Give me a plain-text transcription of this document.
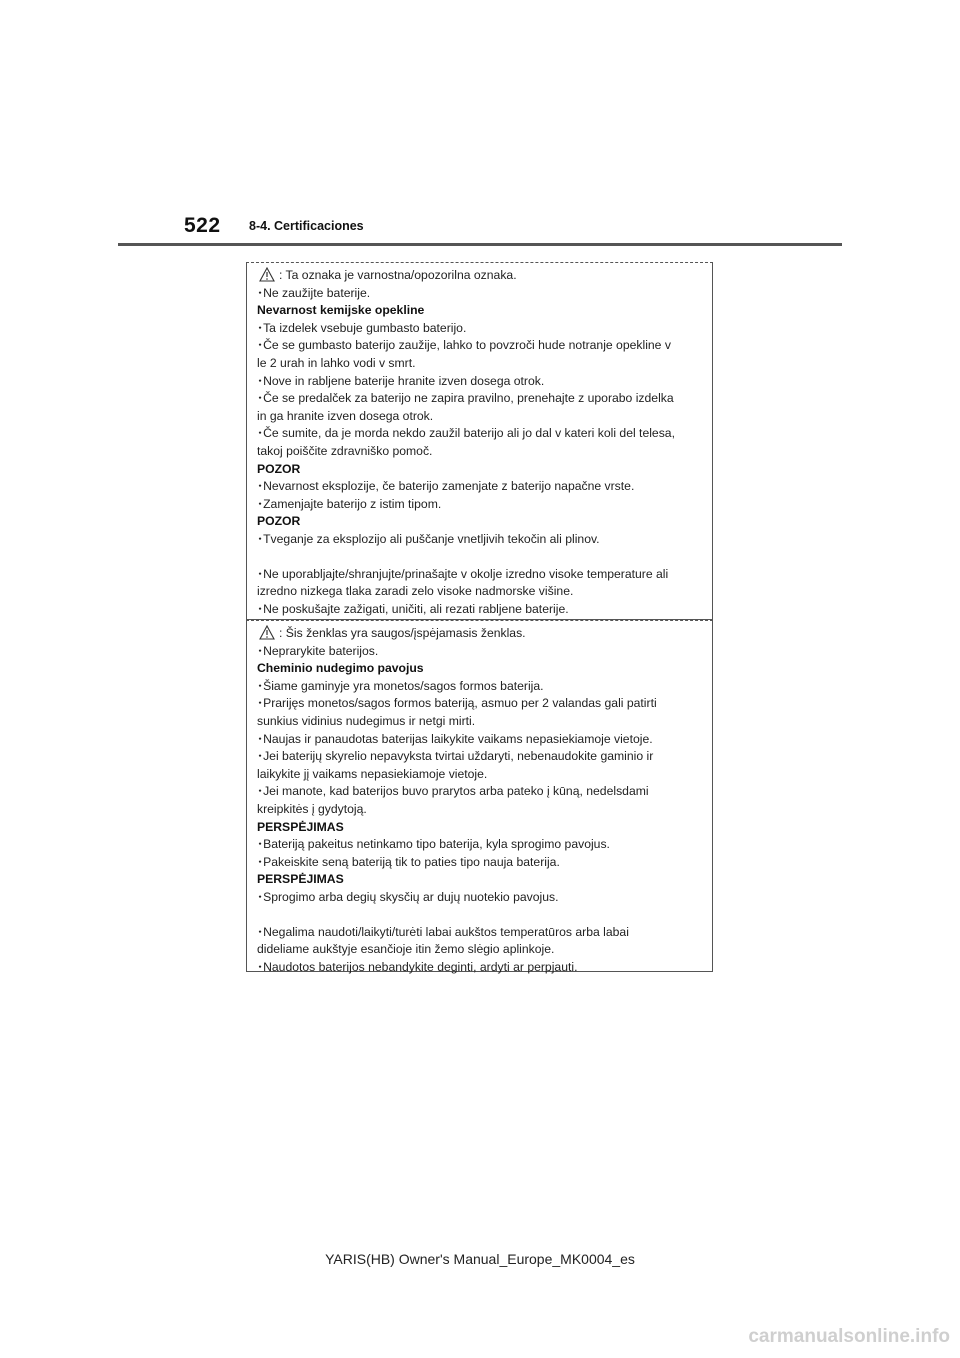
522 8-4. Certificaciones
: Ta oznaka je varnostna/opozorilna oznaka.
･Ne zaužijte baterije.
Nevarnost kemijske opekline
･Ta izdelek vsebuje gumbasto baterijo.
･Če se gumbasto baterijo zaužije, lahko to povzroči hude notranje opekline v
le 2 urah in lahko vodi v smrt.
･Nove in rabljene baterije hranite izven dosega otrok.
･Če se predalček za baterijo ne zapira pravilno, prenehajte z uporabo izdelka
in ga hranite izven dosega otrok.
･Če sumite, da je morda nekdo zaužil baterijo ali jo dal v kateri koli del telesa,
takoj poiščite zdravniško pomoč.
POZOR
･Nevarnost eksplozije, če baterijo zamenjate z baterijo napačne vrste.
･Zamenjajte baterijo z istim tipom.
POZOR
･Tveganje za eksplozijo ali puščanje vnetljivih tekočin ali plinov.
･Ne uporabljajte/shranjujte/prinašajte v okolje izredno visoke temperature ali
izredno nizkega tlaka zaradi zelo visoke nadmorske višine.
･Ne poskušajte zažigati, uničiti, ali rezati rabljene baterije.
: Šis ženklas yra saugos/įspėjamasis ženklas.
･Neprarykite baterijos.
Cheminio nudegimo pavojus
･Šiame gaminyje yra monetos/sagos formos baterija.
･Prarijęs monetos/sagos formos bateriją, asmuo per 2 valandas gali patirti
sunkius vidinius nudegimus ir netgi mirti.
･Naujas ir panaudotas baterijas laikykite vaikams nepasiekiamoje vietoje.
･Jei baterijų skyrelio nepavyksta tvirtai uždaryti, nebenaudokite gaminio ir
laikykite jį vaikams nepasiekiamoje vietoje.
･Jei manote, kad baterijos buvo prarytos arba pateko į kūną, nedelsdami
kreipkitės į gydytoją.
PERSPĖJIMAS
･Bateriją pakeitus netinkamo tipo baterija, kyla sprogimo pavojus.
･Pakeiskite seną bateriją tik to paties tipo nauja baterija.
PERSPĖJIMAS
･Sprogimo arba degių skysčių ar dujų nuotekio pavojus.
･Negalima naudoti/laikyti/turėti labai aukštos temperatūros arba labai
dideliame aukštyje esančioje itin žemo slėgio aplinkoje.
･Naudotos baterijos nebandykite deginti, ardyti ar perpjauti.
YARIS(HB) Owner's Manual_Europe_MK0004_es
carmanualsonline.info
